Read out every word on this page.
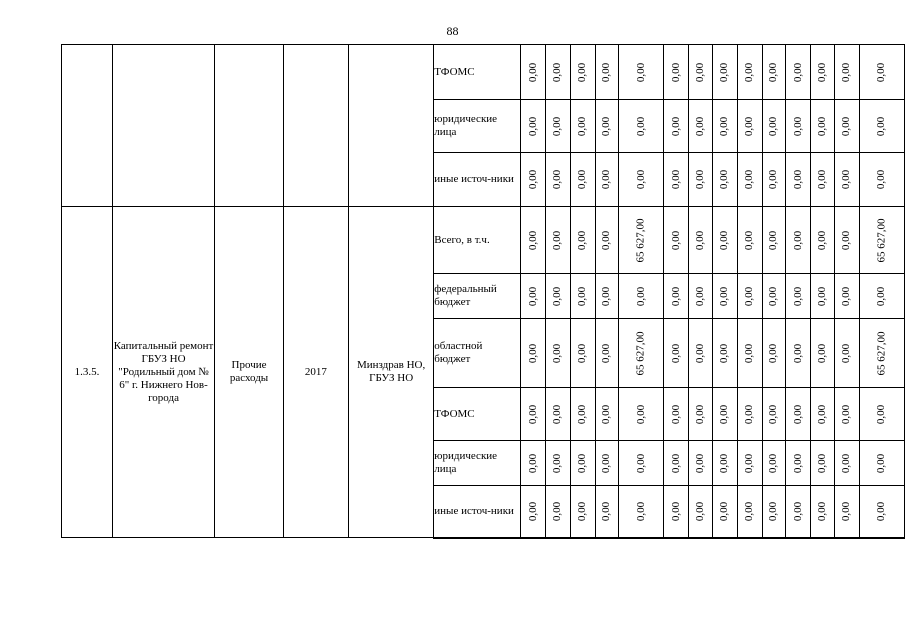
88
					ТФОМС	0,00	0,00	0,00	0,00	0,00	0,00	0,00	0,00	0,00	0,00	0,00	0,00	0,00	0,00
					юридические лица	0,00	0,00	0,00	0,00	0,00	0,00	0,00	0,00	0,00	0,00	0,00	0,00	0,00	0,00
					иные источ-ники	0,00	0,00	0,00	0,00	0,00	0,00	0,00	0,00	0,00	0,00	0,00	0,00	0,00	0,00
1.3.5.	Капитальный ремонт ГБУЗ НО "Родильный дом № 6" г. Нижнего Нов-города	Прочие расходы	2017	Минздрав НО, ГБУЗ НО	Всего, в т.ч.	0,00	0,00	0,00	0,00	65 627,00	0,00	0,00	0,00	0,00	0,00	0,00	0,00	0,00	65 627,00
					федеральный бюджет	0,00	0,00	0,00	0,00	0,00	0,00	0,00	0,00	0,00	0,00	0,00	0,00	0,00	0,00
					областной бюджет	0,00	0,00	0,00	0,00	65 627,00	0,00	0,00	0,00	0,00	0,00	0,00	0,00	0,00	65 627,00
					ТФОМС	0,00	0,00	0,00	0,00	0,00	0,00	0,00	0,00	0,00	0,00	0,00	0,00	0,00	0,00
					юридические лица	0,00	0,00	0,00	0,00	0,00	0,00	0,00	0,00	0,00	0,00	0,00	0,00	0,00	0,00
					иные источ-ники	0,00	0,00	0,00	0,00	0,00	0,00	0,00	0,00	0,00	0,00	0,00	0,00	0,00	0,00
